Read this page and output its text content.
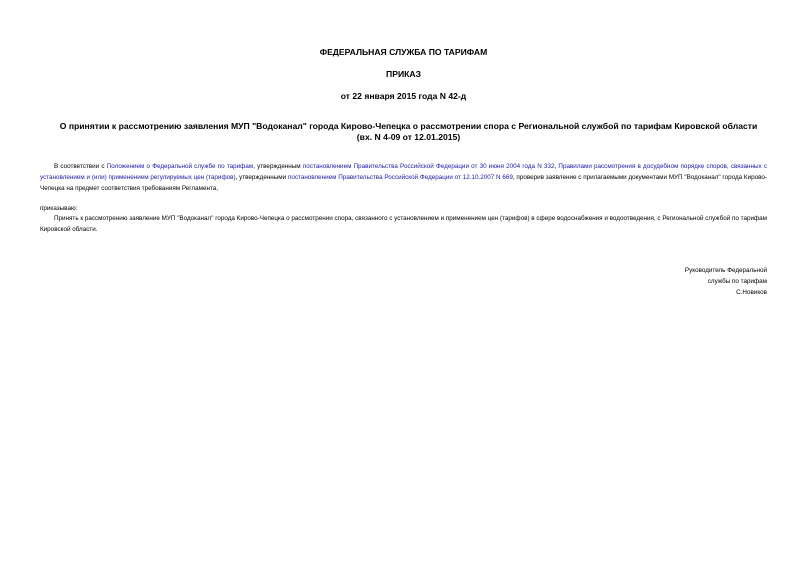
ФЕДЕРАЛЬНАЯ СЛУЖБА ПО ТАРИФАМ

ПРИКАЗ

от 22 января 2015 года N 42-д

О принятии к рассмотрению заявления МУП "Водоканал" города Кирово-Чепецка о рассмотрении спора с Региональной службой по тарифам Кировской области
(вх. N 4-09 от 12.01.2015)

В соответствии с Положением о Федеральной службе по тарифам, утвержденным постановлением Правительства Российской Федерации от 30 июня 2004 года N 332, Правилами рассмотрения в досудебном порядке споров, связанных с установлением и (или) применением регулируемых цен (тарифов), утвержденными постановлением Правительства Российской Федерации от 12.10.2007 N 669, проверив заявление с прилагаемыми документами МУП "Водоканал" города Кирово-Чепецка на предмет соответствия требованиям Регламента,

приказываю:

Принять к рассмотрению заявление МУП "Водоканал" города Кирово-Чепецка о рассмотрении спора, связанного с установлением и применением цен (тарифов) в сфере водоснабжения и водоотведения, с Региональной службой по тарифам Кировской области.

Руководитель Федеральной
службы по тарифам
С.Новиков
